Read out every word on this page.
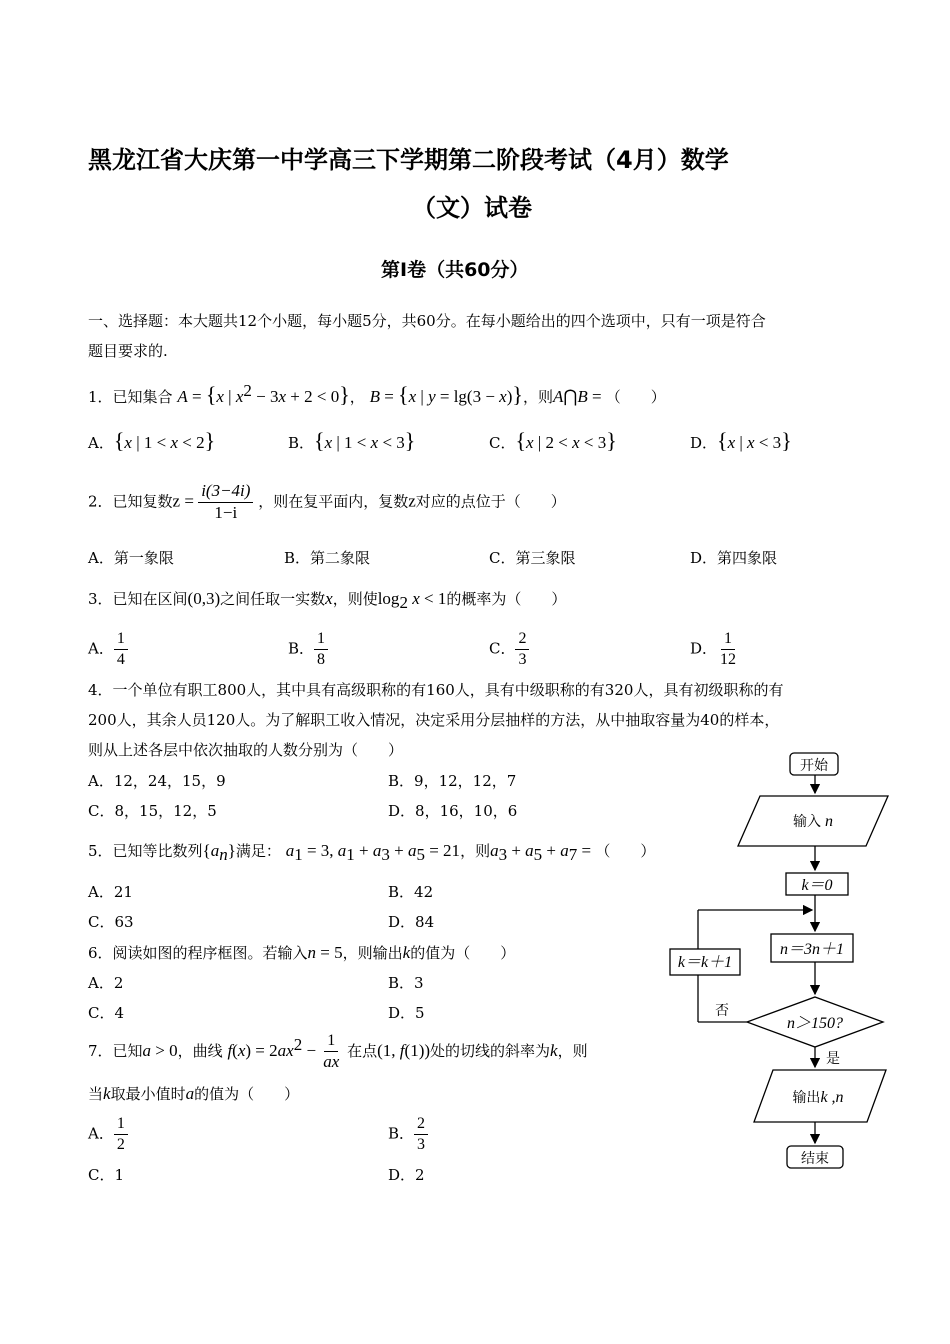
黑龙江省大庆第一中学高三下学期第二阶段考试（4月）数学
（文）试卷
第Ⅰ卷（共60分）
一、选择题：本大题共12个小题，每小题5分，共60分。在每小题给出的四个选项中，只有一项是符合
题目要求的.
1．已知集合 A = {x | $x^2 - 3x + 2 < 0$}， B = {x | y = lg(3 − x)}，则A⋂B = （　　）
A．{x | 1 < x < 2}	B．{x | 1 < x < 3}	C．{x | 2 < x < 3}	D．{x | x < 3}
2．已知复数$z = \frac{i(3-4i)}{1-i}$ ，则在复平面内，复数z对应的点位于（　　）
A．第一象限	B．第二象限	C．第三象限	D．第四象限
3．已知在区间(0,3)之间任取一实数x，则使$\log_2 x < 1$的概率为（　　）
A． $\frac{1}{4}$	B． $\frac{1}{8}$	C． $\frac{2}{3}$	D． $\frac{1}{12}$
4．一个单位有职工800人，其中具有高级职称的有160人，具有中级职称的有320人，具有初级职称的有
200人，其余人员120人。为了解职工收入情况，决定采用分层抽样的方法，从中抽取容量为40的样本，
则从上述各层中依次抽取的人数分别为（　　）
A．12，24，15，9	B．9，12，12，7
C．8，15，12，5	D．8，16，10，6
5．已知等比数列$\{a_n\}$满足： $a_1 = 3$, $a_1 + a_3 + a_5 = 21$，则$a_3 + a_5 + a_7$ = （　　）
A．21	B．42
C．63	D．84
6．阅读如图的程序框图。若输入n = 5，则输出k的值为（　　）
A．2	B．3
C．4	D．5
7．已知a > 0，曲线 $f(x) = 2ax^2 - \frac{1}{ax}$ 在点(1, f(1))处的切线的斜率为k，则
当k取最小值时a的值为（　　）
A． $\frac{1}{2}$	B． $\frac{2}{3}$
C．1	D．2
开始
输入 n
k＝0
n＝3n＋1
k＝k＋1
n＞150?
否
是
输出k ,n
结束
